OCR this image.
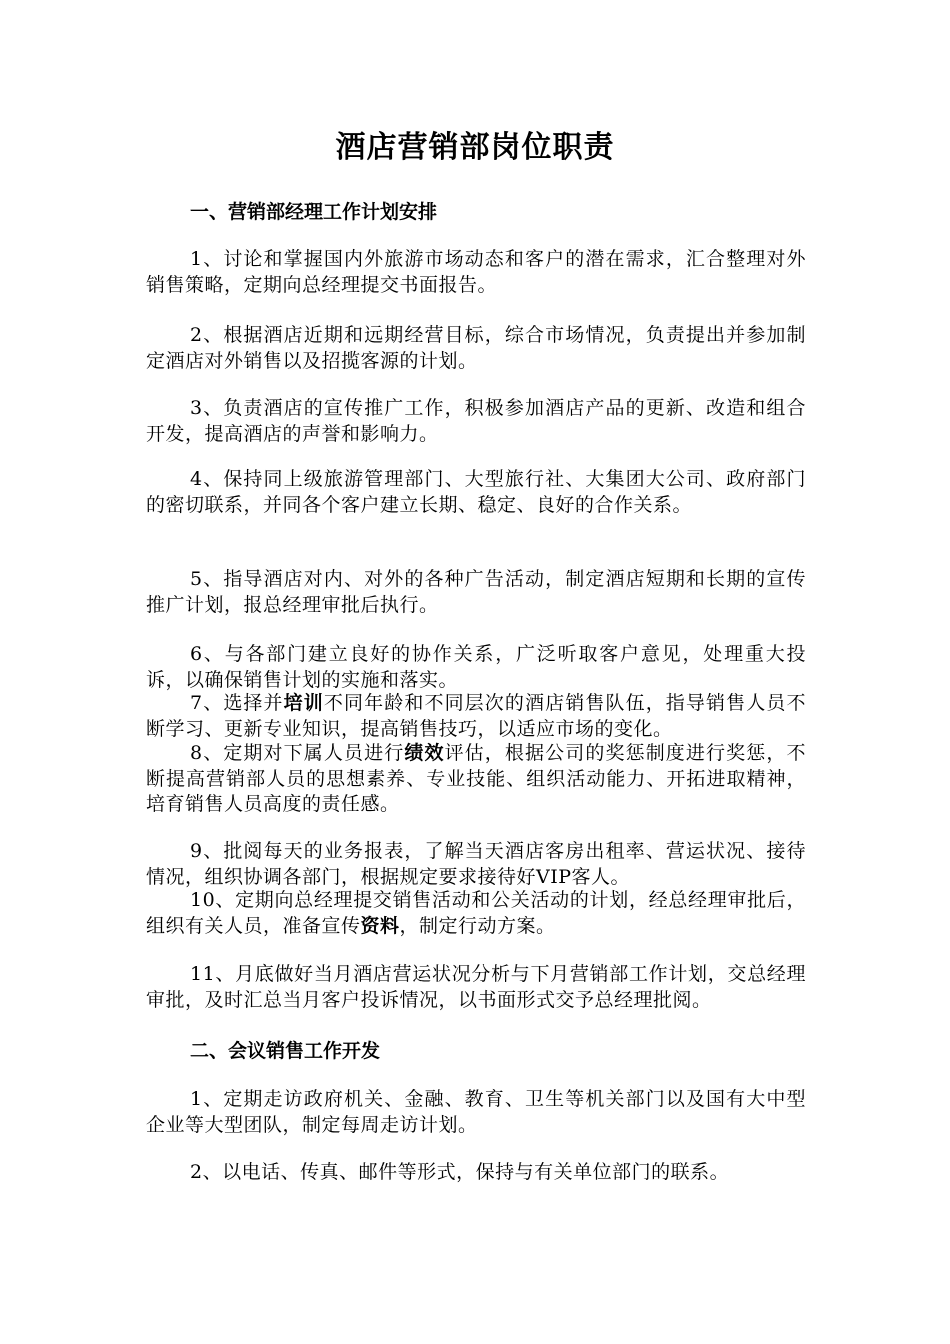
酒店营销部岗位职责
一、营销部经理工作计划安排
1、讨论和掌握国内外旅游市场动态和客户的潜在需求，汇合整理对外销售策略，定期向总经理提交书面报告。
2、根据酒店近期和远期经营目标，综合市场情况，负责提出并参加制定酒店对外销售以及招揽客源的计划。
3、负责酒店的宣传推广工作，积极参加酒店产品的更新、改造和组合开发，提高酒店的声誉和影响力。
4、保持同上级旅游管理部门、大型旅行社、大集团大公司、政府部门的密切联系，并同各个客户建立长期、稳定、良好的合作关系。
5、指导酒店对内、对外的各种广告活动，制定酒店短期和长期的宣传推广计划，报总经理审批后执行。
6、与各部门建立良好的协作关系，广泛听取客户意见，处理重大投诉，以确保销售计划的实施和落实。
7、选择并培训不同年龄和不同层次的酒店销售队伍，指导销售人员不断学习、更新专业知识，提高销售技巧，以适应市场的变化。
8、定期对下属人员进行绩效评估，根据公司的奖惩制度进行奖惩，不断提高营销部人员的思想素养、专业技能、组织活动能力、开拓进取精神，培育销售人员高度的责任感。
9、批阅每天的业务报表，了解当天酒店客房出租率、营运状况、接待情况，组织协调各部门，根据规定要求接待好VIP客人。
10、定期向总经理提交销售活动和公关活动的计划，经总经理审批后，组织有关人员，准备宣传资料，制定行动方案。
11、月底做好当月酒店营运状况分析与下月营销部工作计划，交总经理审批，及时汇总当月客户投诉情况，以书面形式交予总经理批阅。
二、会议销售工作开发
1、定期走访政府机关、金融、教育、卫生等机关部门以及国有大中型企业等大型团队，制定每周走访计划。
2、以电话、传真、邮件等形式，保持与有关单位部门的联系。
